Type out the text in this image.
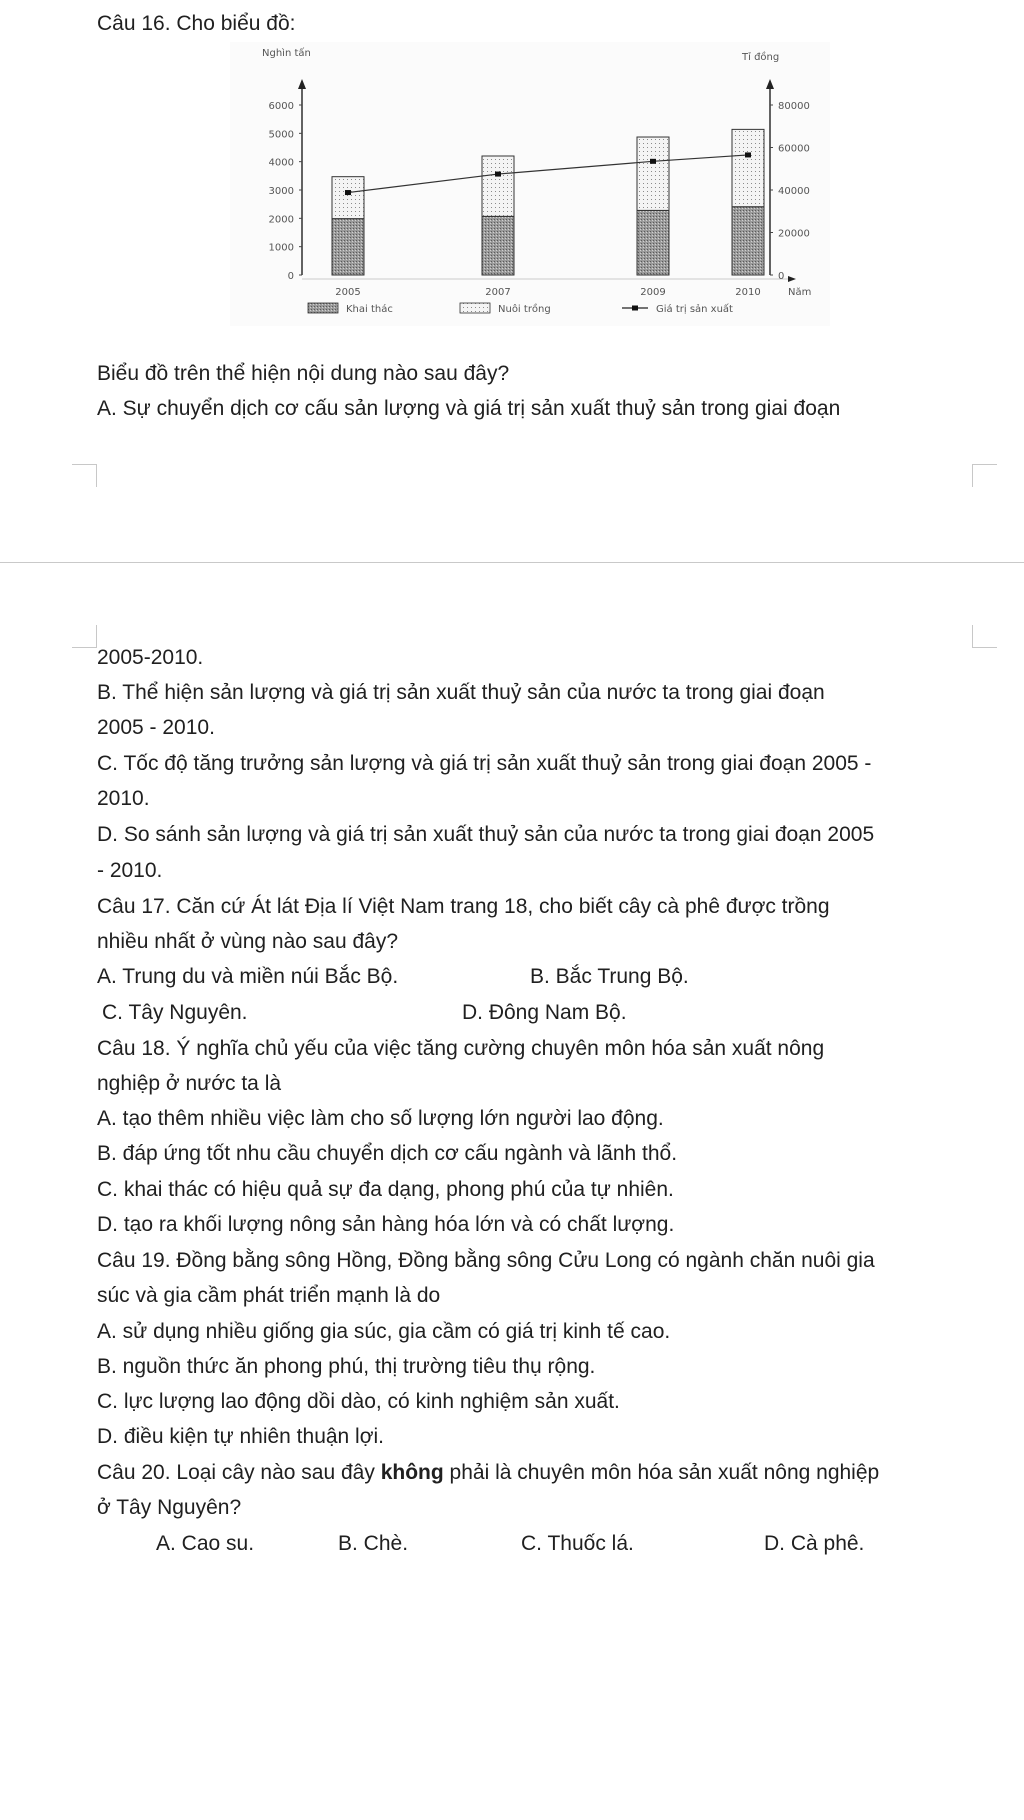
Câu 16. Cho biểu đồ:

Nghìn tấn	Tỉ đồng
Năm
0
1000
2000
3000
4000
5000
6000
0
20000
40000
60000
80000
2005	2007	2009	2010
Khai thác	Nuôi trồng	Giá trị sản xuất

Biểu đồ trên thể hiện nội dung nào sau đây?

A. Sự chuyển dịch cơ cấu sản lượng và giá trị sản xuất thuỷ sản trong giai đoạn

2005-2010.

B. Thể hiện sản lượng và giá trị sản xuất thuỷ sản của nước ta trong giai đoạn

2005 - 2010.

C. Tốc độ tăng trưởng sản lượng và giá trị sản xuất thuỷ sản trong giai đoạn 2005 -

2010.

D. So sánh sản lượng và giá trị sản xuất thuỷ sản của nước ta trong giai đoạn 2005

- 2010.

Câu 17. Căn cứ Át lát Địa lí Việt Nam trang 18, cho biết cây cà phê được trồng

nhiều nhất ở vùng nào sau đây?

A. Trung du và miền núi Bắc Bộ.	B. Bắc Trung Bộ.

C. Tây Nguyên.	D. Đông Nam Bộ.

Câu 18. Ý nghĩa chủ yếu của việc tăng cường chuyên môn hóa sản xuất nông

nghiệp ở nước ta là

A. tạo thêm nhiều việc làm cho số lượng lớn người lao động.

B. đáp ứng tốt nhu cầu chuyển dịch cơ cấu ngành và lãnh thổ.

C. khai thác có hiệu quả sự đa dạng, phong phú của tự nhiên.

D. tạo ra khối lượng nông sản hàng hóa lớn và có chất lượng.

Câu 19. Đồng bằng sông Hồng, Đồng bằng sông Cửu Long có ngành chăn nuôi gia

súc và gia cầm phát triển mạnh là do

A. sử dụng nhiều giống gia súc, gia cầm có giá trị kinh tế cao.

B. nguồn thức ăn phong phú, thị trường tiêu thụ rộng.

C. lực lượng lao động dồi dào, có kinh nghiệm sản xuất.

D. điều kiện tự nhiên thuận lợi.

Câu 20. Loại cây nào sau đây không phải là chuyên môn hóa sản xuất nông nghiệp

ở Tây Nguyên?

A. Cao su.	B. Chè.	C. Thuốc lá.	D. Cà phê.
